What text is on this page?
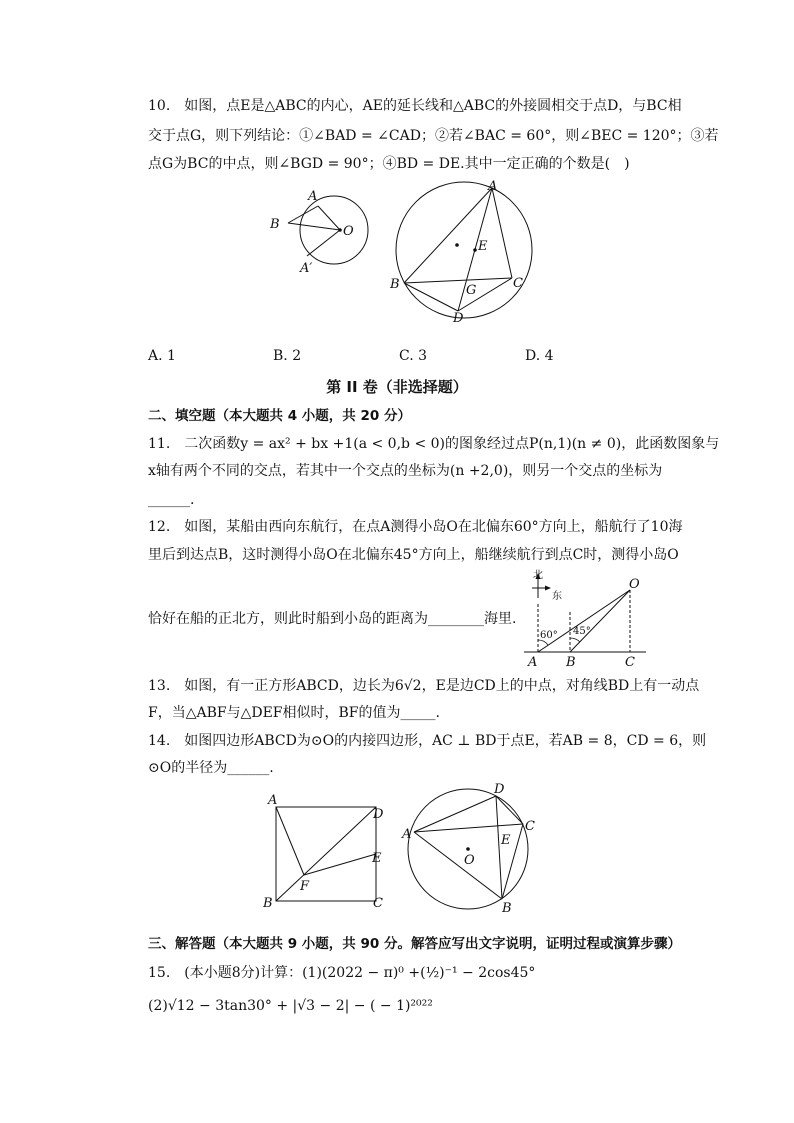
10.　如图，点E是△ABC的内心，AE的延长线和△ABC的外接圆相交于点D，与BC相
交于点G，则下列结论：①∠BAD = ∠CAD；②若∠BAC = 60°，则∠BEC = 120°；③若
点G为BC的中点，则∠BGD = 90°；④BD = DE.其中一定正确的个数是(　)
A
B	O
A′
A
B	C
D
E
G
A. 1	B. 2	C. 3	D. 4
第 II 卷（非选择题）
二、填空题（本大题共 4 小题，共 20 分）
11.　二次函数y = ax² + bx +1(a < 0,b < 0)的图象经过点P(n,1)(n ≠ 0)，此函数图象与
x轴有两个不同的交点，若其中一个交点的坐标为(n +2,0)，则另一个交点的坐标为
______.
12.　如图，某船由西向东航行，在点A测得小岛O在北偏东60°方向上，船航行了10海
里后到达点B，这时测得小岛O在北偏东45°方向上，船继续航行到点C时，测得小岛O
恰好在船的正北方，则此时船到小岛的距离为________海里.
北
东
60° 45°
O
A B	C
13.　如图，有一正方形ABCD，边长为6√2，E是边CD上的中点，对角线BD上有一动点
F，当△ABF与△DEF相似时，BF的值为_____.
14.　如图四边形ABCD为⊙O的内接四边形，AC ⊥ BD于点E，若AB = 8，CD = 6，则
⊙O的半径为______.
A
D
E
F
B	C
A
D
C
E
O
B
三、解答题（本大题共 9 小题，共 90 分。解答应写出文字说明，证明过程或演算步骤）
15.　(本小题8分)计算：(1)(2022 − π)⁰ +(½)⁻¹ − 2cos45°
(2)√12 − 3tan30° + |√3 − 2| − ( − 1)²⁰²²
